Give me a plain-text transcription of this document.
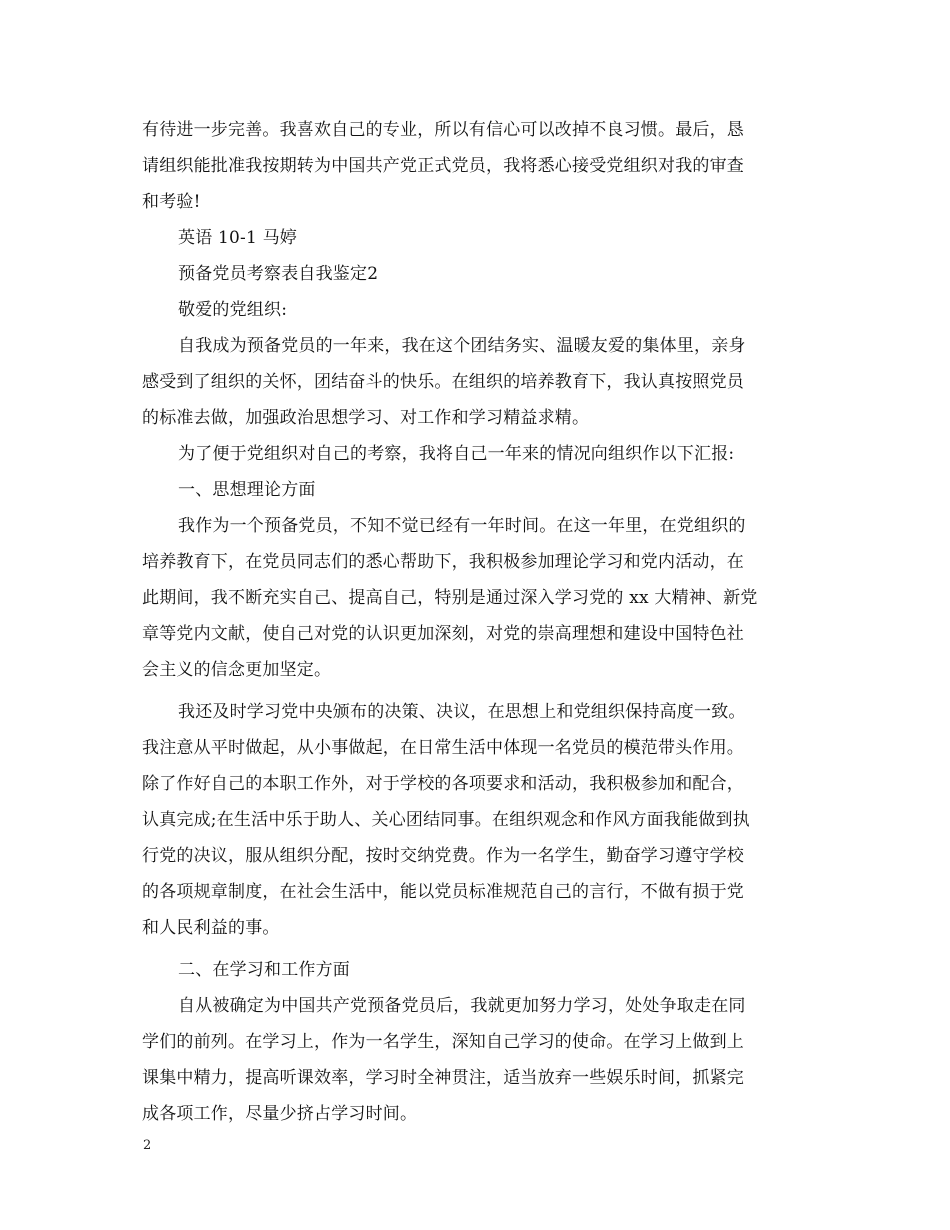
有待进一步完善。我喜欢自己的专业，所以有信心可以改掉不良习惯。最后，恳
请组织能批准我按期转为中国共产党正式党员，我将悉心接受党组织对我的审查
和考验!
英语 10-1 马婷
预备党员考察表自我鉴定2
敬爱的党组织:
自我成为预备党员的一年来，我在这个团结务实、温暖友爱的集体里，亲身
感受到了组织的关怀，团结奋斗的快乐。在组织的培养教育下，我认真按照党员
的标准去做，加强政治思想学习、对工作和学习精益求精。
为了便于党组织对自己的考察，我将自己一年来的情况向组织作以下汇报:
一、思想理论方面
我作为一个预备党员，不知不觉已经有一年时间。在这一年里，在党组织的
培养教育下，在党员同志们的悉心帮助下，我积极参加理论学习和党内活动，在
此期间，我不断充实自己、提高自己，特别是通过深入学习党的 xx 大精神、新党
章等党内文献，使自己对党的认识更加深刻，对党的崇高理想和建设中国特色社
会主义的信念更加坚定。
我还及时学习党中央颁布的决策、决议，在思想上和党组织保持高度一致。
我注意从平时做起，从小事做起，在日常生活中体现一名党员的模范带头作用。
除了作好自己的本职工作外，对于学校的各项要求和活动，我积极参加和配合，
认真完成;在生活中乐于助人、关心团结同事。在组织观念和作风方面我能做到执
行党的决议，服从组织分配，按时交纳党费。作为一名学生，勤奋学习遵守学校
的各项规章制度，在社会生活中，能以党员标准规范自己的言行，不做有损于党
和人民利益的事。
二、在学习和工作方面
自从被确定为中国共产党预备党员后，我就更加努力学习，处处争取走在同
学们的前列。在学习上，作为一名学生，深知自己学习的使命。在学习上做到上
课集中精力，提高听课效率，学习时全神贯注，适当放弃一些娱乐时间，抓紧完
成各项工作，尽量少挤占学习时间。
2
